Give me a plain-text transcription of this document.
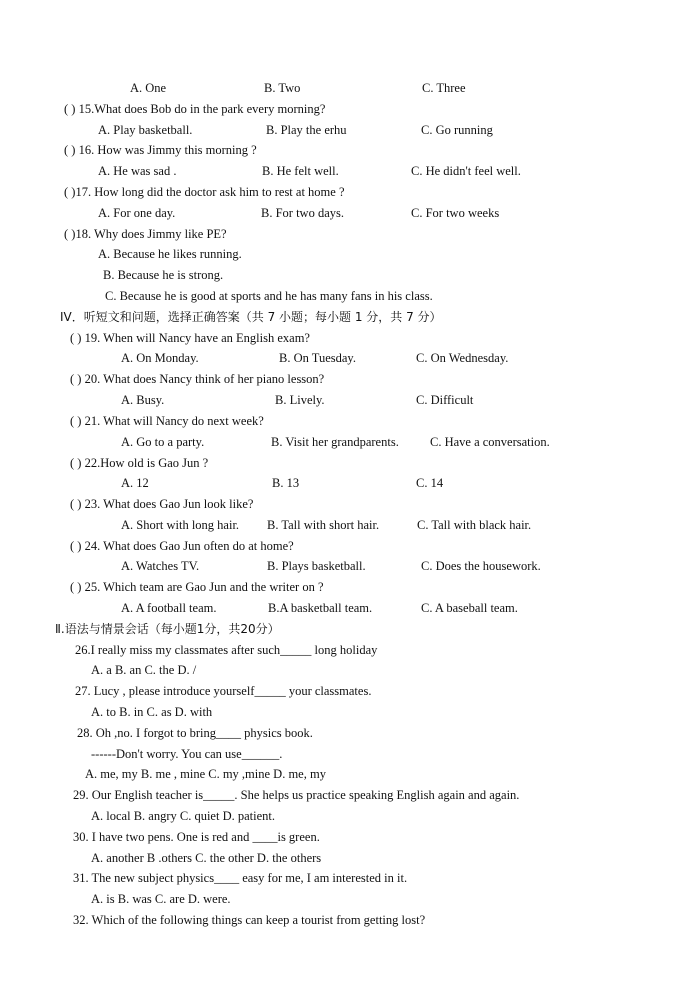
A. One	B. Two	C. Three
( ) 15.What does Bob do in the park every morning?
A. Play basketball.	B. Play the erhu	C. Go running
( ) 16. How was Jimmy this morning ?
A. He was sad .	B. He felt well.	C. He didn't feel well.
( )17. How long did the doctor ask him to rest at home ?
A. For one day.	B. For two days.	C. For two weeks
( )18. Why does Jimmy like PE?
A. Because he likes running.
B. Because he is strong.
C. Because he is good at sports and he has many fans in his class.
IV．听短文和问题，选择正确答案（共 7 小题；每小题 1 分，共 7 分）
( ) 19. When will Nancy have an English exam?
A. On Monday.	B. On Tuesday.	C. On Wednesday.
( ) 20. What does Nancy think of her piano lesson?
A. Busy.	B. Lively.	C. Difficult
( ) 21. What will Nancy do next week?
A. Go to a party.	B. Visit her grandparents. C. Have a conversation.
( ) 22.How old is Gao Jun ?
A. 12	B. 13	C. 14
( ) 23. What does Gao Jun look like?
A. Short with long hair. B. Tall with short hair.	C. Tall with black hair.
( ) 24. What does Gao Jun often do at home?
A. Watches TV.	B. Plays basketball.	C. Does the housework.
( ) 25. Which team are Gao Jun and the writer on ?
A. A football team.	B.A basketball team.	C. A baseball team.
Ⅱ.语法与情景会话（每小题1分，共20分）
26.I really miss my classmates after such_____ long holiday
A. a B. an C. the D. /
27. Lucy , please introduce yourself_____ your classmates.
A. to B. in C. as D. with
28. Oh ,no. I forgot to bring____ physics book.
------Don't worry. You can use______.
A. me, my B. me , mine C. my ,mine D. me, my
29. Our English teacher is_____. She helps us practice speaking English again and again.
A. local B. angry C. quiet D. patient.
30. I have two pens. One is red and ____is green.
A. another B .others C. the other D. the others
31. The new subject physics____ easy for me, I am interested in it.
A. is B. was C. are D. were.
32. Which of the following things can keep a tourist from getting lost?
